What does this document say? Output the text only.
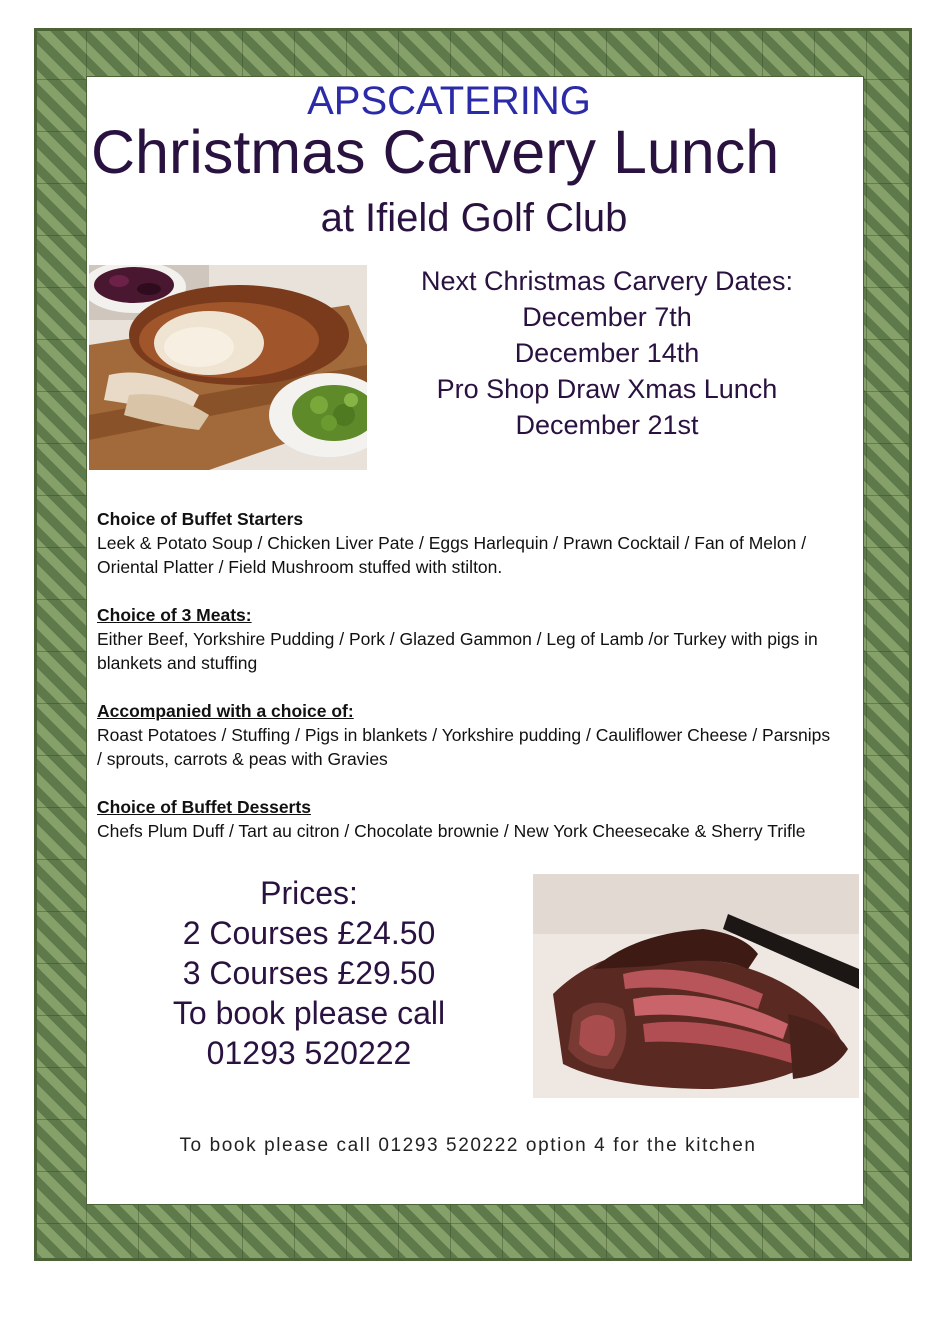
APSCATERING
Christmas Carvery Lunch
at Ifield Golf Club
Next Christmas Carvery Dates:
December 7th
December 14th
Pro Shop Draw Xmas Lunch
December 21st
Choice of Buffet Starters
Leek & Potato Soup / Chicken Liver Pate / Eggs Harlequin / Prawn Cocktail / Fan of Melon / Oriental Platter / Field Mushroom stuffed with stilton.
Choice of 3 Meats:
Either Beef, Yorkshire Pudding / Pork / Glazed Gammon / Leg of Lamb /or Turkey with pigs in blankets and stuffing
Accompanied with a choice of:
Roast Potatoes / Stuffing / Pigs in blankets / Yorkshire pudding / Cauliflower Cheese / Parsnips / sprouts, carrots & peas with Gravies
Choice of Buffet Desserts
Chefs Plum Duff / Tart au citron / Chocolate brownie / New York Cheesecake & Sherry Trifle
Prices:
2 Courses £24.50
3 Courses £29.50
To book please call
01293 520222
To book please call 01293 520222 option 4 for the kitchen
